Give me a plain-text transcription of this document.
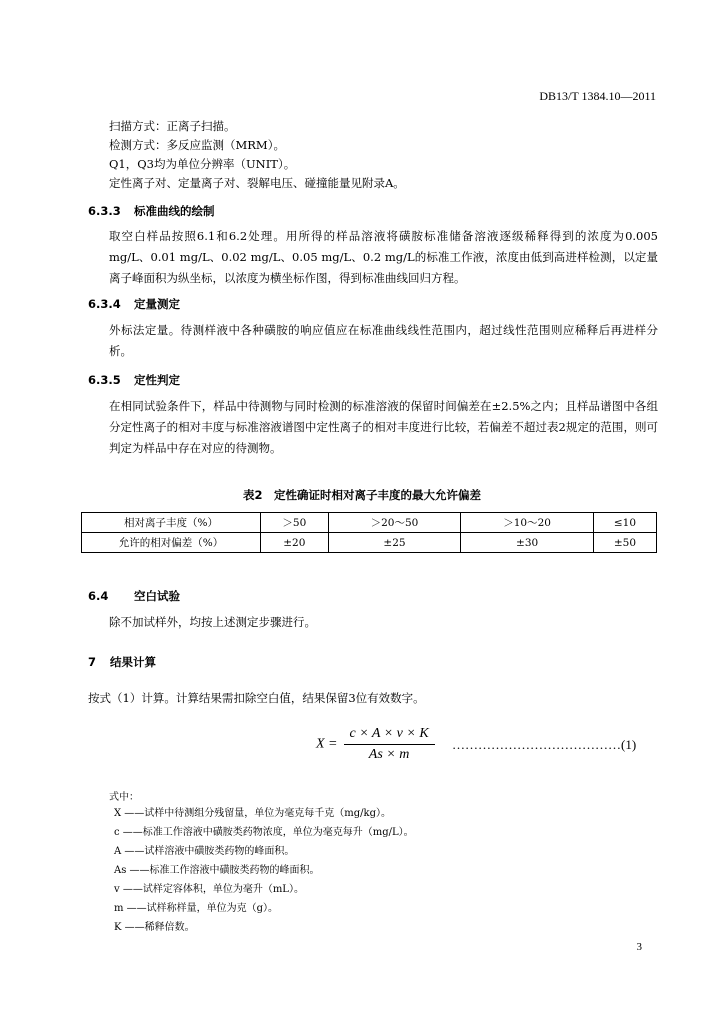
DB13/T 1384.10—2011
扫描方式：正离子扫描。
检测方式：多反应监测（MRM）。
Q1，Q3均为单位分辨率（UNIT）。
定性离子对、定量离子对、裂解电压、碰撞能量见附录A。
6.3.3 标准曲线的绘制
取空白样品按照6.1和6.2处理。用所得的样品溶液将磺胺标准储备溶液逐级稀释得到的浓度为0.005 mg/L、0.01 mg/L、0.02 mg/L、0.05 mg/L、0.2 mg/L的标准工作液，浓度由低到高进样检测，以定量离子峰面积为纵坐标，以浓度为横坐标作图，得到标准曲线回归方程。
6.3.4 定量测定
外标法定量。待测样液中各种磺胺的响应值应在标准曲线线性范围内，超过线性范围则应稀释后再进样分析。
6.3.5 定性判定
在相同试验条件下，样品中待测物与同时检测的标准溶液的保留时间偏差在±2.5%之内；且样品谱图中各组分定性离子的相对丰度与标准溶液谱图中定性离子的相对丰度进行比较，若偏差不超过表2规定的范围，则可判定为样品中存在对应的待测物。
表2　定性确证时相对离子丰度的最大允许偏差
相对离子丰度（%）	＞50	＞20～50	＞10～20	≤10
允许的相对偏差（%）	±20	±25	±30	±50
6.4 空白试验
除不加试样外，均按上述测定步骤进行。
7 结果计算
按式（1）计算。计算结果需扣除空白值，结果保留3位有效数字。
$X = \frac{c \times A \times v \times K}{As \times m}$ …………………………………(1)
式中：
X ——试样中待测组分残留量，单位为毫克每千克（mg/kg）。
c ——标准工作溶液中磺胺类药物浓度，单位为毫克每升（mg/L）。
A ——试样溶液中磺胺类药物的峰面积。
As ——标准工作溶液中磺胺类药物的峰面积。
v ——试样定容体积，单位为毫升（mL）。
m ——试样称样量，单位为克（g）。
K ——稀释倍数。
3
